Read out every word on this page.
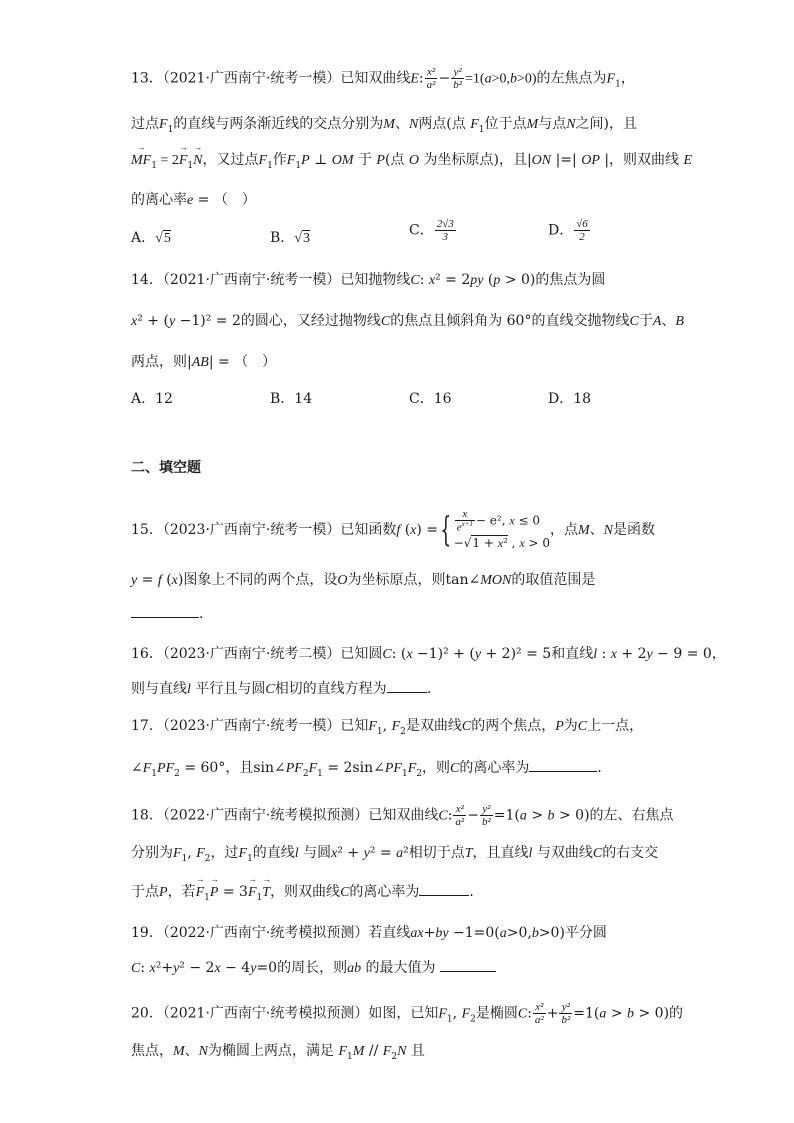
13．（2021·广西南宁·统考一模）已知双曲线E: $\frac{\text{x²}}{\text{a²}} - \frac{\text{y²}}{\text{b²}} =1(a>0,b>0)$的左焦点为$F_1$，
过点$F_1$的直线与两条渐近线的交点分别为M、N两点(点 $F_1$位于点M与点N之间)，且
→ $MF_1 = 2\to F_1\to N$，又过点$F_1$作$F_1P$ ⊥ OM 于 P(点 O 为坐标原点)，且|ON |=| OP |，则双曲线 E
的离心率e = （　）
A．√5	B．√3	C． $\frac{2√3}{3}$	D． $\frac{√6}{2}$
14．（2021·广西南宁·统考一模）已知抛物线C: x² = 2py (p > 0)的焦点为圆
x² + (y −1)² = 2的圆心，又经过抛物线C的焦点且倾斜角为 60°的直线交抛物线C于A、B
两点，则|AB| = （　）
A．12	B．14	C．16	D．18
二、填空题
15．（2023·广西南宁·统考一模）已知函数f (x) ={ $\frac{x}{e^{x+1}} - e^2$, x ≤ 0
−√1 + x² , x > 0
，点M、N是函数
y = f (x)图象上不同的两个点，设O为坐标原点，则tan∠MON的取值范围是
.
16．（2023·广西南宁·统考二模）已知圆C: (x −1)² + (y + 2)² = 5和直线l : x + 2y − 9 = 0，
则与直线l 平行且与圆C相切的直线方程为	.
17．（2023·广西南宁·统考一模）已知$F_1$, $F_2$是双曲线C的两个焦点，P为C上一点，
$\angle F_1PF_2 = 60^\circ$，且$\sin\angle PF_2F_1$ = $2\sin\angle PF_1F_2$，则C的离心率为	．
18．（2022·广西南宁·统考模拟预测）已知双曲线C: $\frac{\text{x²}}{\text{a²}} - \frac{\text{y²}}{\text{b²}} =1(a > b > 0)$的左、右焦点
分别为$F_1$, $F_2$，过$F_1$的直线l 与圆x² + y² = a²相切于点T，且直线l 与双曲线C的右支交
于点P，若→ $F_1\to P = 3\to F_1\to T$，则双曲线C的离心率为	．
19．（2022·广西南宁·统考模拟预测）若直线ax+by −1=0(a>0,b>0)平分圆
C: x²+y² − 2x − 4y=0的周长，则ab 的最大值为
20．（2021·广西南宁·统考模拟预测）如图，已知$F_1$, $F_2$是椭圆C: $\frac{\text{x²}}{\text{a²}} + \frac{\text{y²}}{\text{b²}} =1(a > b > 0)$的
焦点，M、N为椭圆上两点，满足 $F_1M // F_2N$ 且
